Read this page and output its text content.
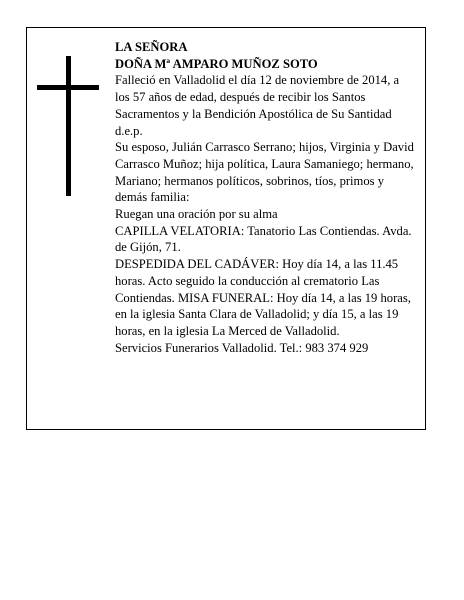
LA SEÑORA

DOÑA Mª AMPARO MUÑOZ SOTO

Falleció en Valladolid el día 12 de noviembre de 2014, a los 57 años de edad, después de recibir los Santos Sacramentos y la Bendición Apostólica de Su Santidad d.e.p.

Su esposo, Julián Carrasco Serrano; hijos, Virginia y David Carrasco Muñoz; hija política, Laura Samaniego; hermano, Mariano; hermanos políticos, sobrinos, tíos, primos y demás familia:

Ruegan una oración por su alma

CAPILLA VELATORIA: Tanatorio Las Contiendas. Avda. de Gijón, 71.

DESPEDIDA DEL CADÁVER: Hoy día 14, a las 11.45 horas. Acto seguido la conducción al crematorio Las Contiendas. MISA FUNERAL: Hoy día 14, a las 19 horas, en la iglesia Santa Clara de Valladolid; y día 15, a las 19 horas, en la iglesia La Merced de Valladolid.

Servicios Funerarios Valladolid. Tel.: 983 374 929
